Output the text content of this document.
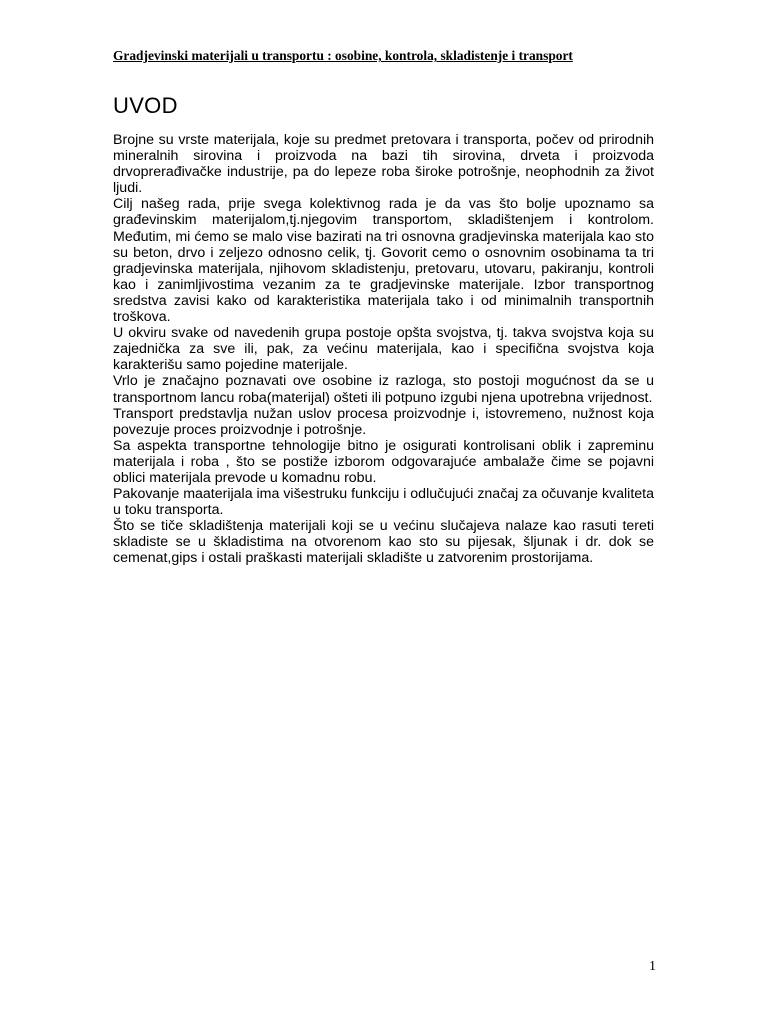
Gradjevinski materijali u transportu : osobine, kontrola, skladistenje i transport
UVOD

Brojne su vrste materijala, koje su predmet pretovara i transporta, počev od prirodnih mineralnih sirovina i proizvoda na bazi tih sirovina, drveta i proizvoda drvoprerađivačke industrije, pa do lepeze roba široke potrošnje, neophodnih za život ljudi.

Cilj našeg rada, prije svega kolektivnog rada je da vas što bolje upoznamo sa građevinskim materijalom,tj.njegovim transportom, skladištenjem i kontrolom. Međutim, mi ćemo se malo vise bazirati na tri osnovna gradjevinska materijala kao sto su beton, drvo i zeljezo odnosno celik, tj. Govorit cemo o osnovnim osobinama ta tri gradjevinska materijala, njihovom skladistenju, pretovaru, utovaru, pakiranju, kontroli kao i zanimljivostima vezanim za te gradjevinske materijale. Izbor transportnog sredstva zavisi kako od karakteristika materijala tako i od minimalnih transportnih troškova.

U okviru svake od navedenih grupa postoje opšta svojstva, tj. takva svojstva koja su zajednička za sve ili, pak, za većinu materijala, kao i specifična svojstva koja karakterišu samo pojedine materijale.

Vrlo je značajno poznavati ove osobine iz razloga, sto postoji mogućnost da se u transportnom lancu roba(materijal) ošteti ili potpuno izgubi njena upotrebna vrijednost.

Transport predstavlja nužan uslov procesa proizvodnje i, istovremeno, nužnost koja povezuje proces proizvodnje i potrošnje.

Sa aspekta transportne tehnologije bitno je osigurati kontrolisani oblik i zapreminu materijala i roba , što se postiže izborom odgovarajuće ambalaže čime se pojavni oblici materijala prevode u komadnu robu.

Pakovanje maaterijala ima višestruku funkciju i odlučujući značaj za očuvanje kvaliteta u toku transporta.

Što se tiče skladištenja materijali koji se u većinu slučajeva nalaze kao rasuti tereti skladiste se u škladistima na otvorenom kao sto su pijesak, šljunak i dr. dok se cemenat,gips i ostali praškasti materijali skladište u zatvorenim prostorijama.

1
